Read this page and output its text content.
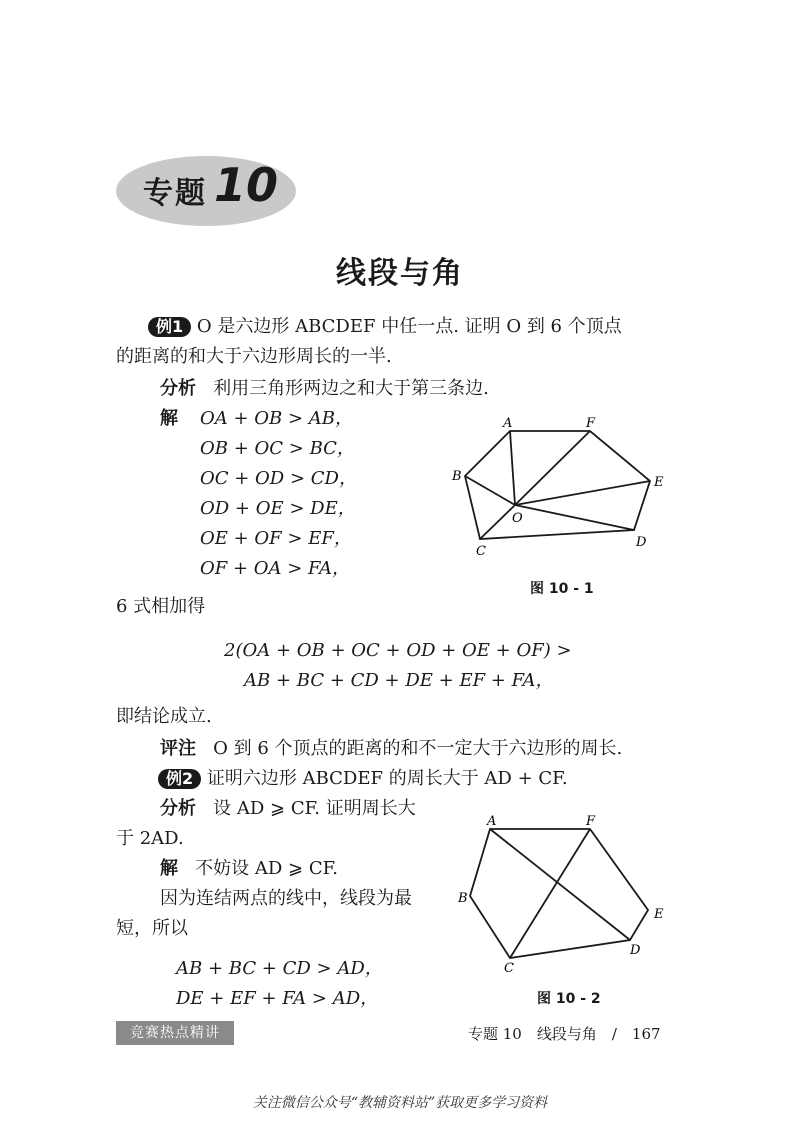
专题 10
线段与角
例1 O 是六边形 ABCDEF 中任一点. 证明 O 到 6 个顶点
的距离的和大于六边形周长的一半.
分析 利用三角形两边之和大于第三条边.
解 OA + OB > AB，
OB + OC > BC，
OC + OD > CD，
OD + OE > DE，
OE + OF > EF，
OF + OA > FA，
A	F
E
D
C
B
O
图 10 - 1
6 式相加得
2(OA + OB + OC + OD + OE + OF) >
AB + BC + CD + DE + EF + FA，
即结论成立.
评注 O 到 6 个顶点的距离的和不一定大于六边形的周长.
例2 证明六边形 ABCDEF 的周长大于 AD + CF.
分析 设 AD ⩾ CF. 证明周长大
于 2AD.
解 不妨设 AD ⩾ CF.
因为连结两点的线中，线段为最
短，所以
AB + BC + CD > AD，
DE + EF + FA > AD，
A	F
E
D
C
B
图 10 - 2
竞赛热点精讲	专题 10　线段与角　/　167
关注微信公众号“教辅资料站”获取更多学习资料
